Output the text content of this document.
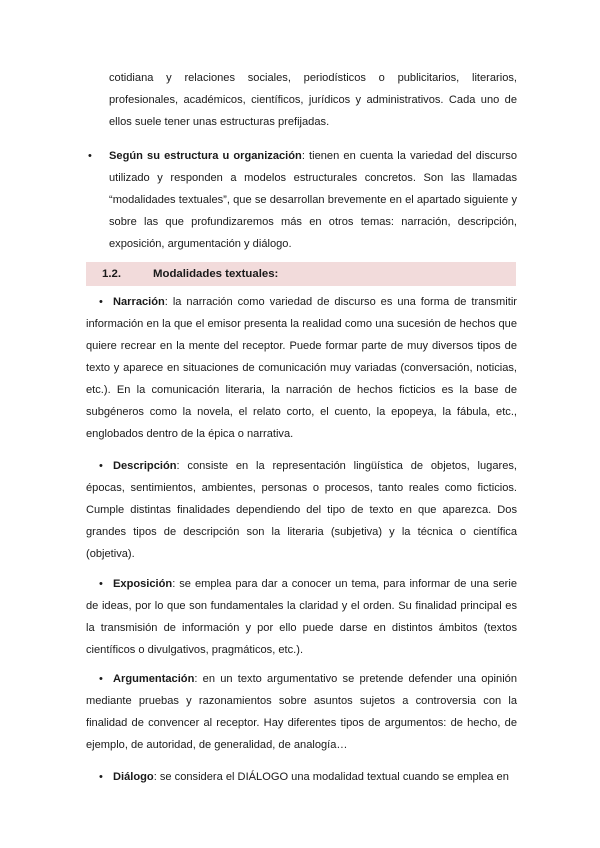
cotidiana y relaciones sociales, periodísticos o publicitarios, literarios, profesionales, académicos, científicos, jurídicos y administrativos. Cada uno de ellos suele tener unas estructuras prefijadas.

• Según su estructura u organización: tienen en cuenta la variedad del discurso utilizado y responden a modelos estructurales concretos. Son las llamadas “modalidades textuales”, que se desarrollan brevemente en el apartado siguiente y sobre las que profundizaremos más en otros temas: narración, descripción, exposición, argumentación y diálogo.

1.2.	Modalidades textuales:

• Narración: la narración como variedad de discurso es una forma de transmitir información en la que el emisor presenta la realidad como una sucesión de hechos que quiere recrear en la mente del receptor. Puede formar parte de muy diversos tipos de texto y aparece en situaciones de comunicación muy variadas (conversación, noticias, etc.). En la comunicación literaria, la narración de hechos ficticios es la base de subgéneros como la novela, el relato corto, el cuento, la epopeya, la fábula, etc., englobados dentro de la épica o narrativa.

• Descripción: consiste en la representación lingüística de objetos, lugares, épocas, sentimientos, ambientes, personas o procesos, tanto reales como ficticios. Cumple distintas finalidades dependiendo del tipo de texto en que aparezca. Dos grandes tipos de descripción son la literaria (subjetiva) y la técnica o científica (objetiva).

• Exposición: se emplea para dar a conocer un tema, para informar de una serie de ideas, por lo que son fundamentales la claridad y el orden. Su finalidad principal es la transmisión de información y por ello puede darse en distintos ámbitos (textos científicos o divulgativos, pragmáticos, etc.).

• Argumentación: en un texto argumentativo se pretende defender una opinión mediante pruebas y razonamientos sobre asuntos sujetos a controversia con la finalidad de convencer al receptor. Hay diferentes tipos de argumentos: de hecho, de ejemplo, de autoridad, de generalidad, de analogía…

• Diálogo: se considera el DIÁLOGO una modalidad textual cuando se emplea en
